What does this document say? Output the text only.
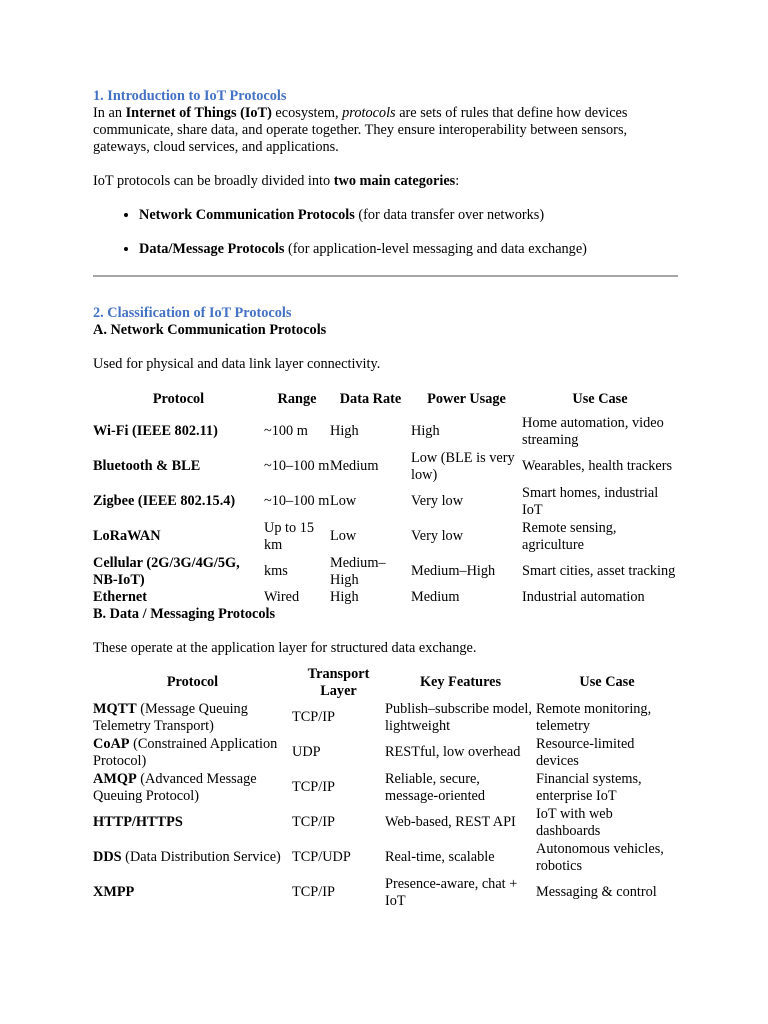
1. Introduction to IoT Protocols

In an Internet of Things (IoT) ecosystem, protocols are sets of rules that define how devices communicate, share data, and operate together. They ensure interoperability between sensors, gateways, cloud services, and applications.

IoT protocols can be broadly divided into two main categories:

• Network Communication Protocols (for data transfer over networks)
• Data/Message Protocols (for application-level messaging and data exchange)

2. Classification of IoT Protocols

A. Network Communication Protocols

Used for physical and data link layer connectivity.

Protocol	Range	Data Rate	Power Usage	Use Case
Wi-Fi (IEEE 802.11)	~100 m	High	High	Home automation, video streaming
Bluetooth & BLE	~10–100 m	Medium	Low (BLE is very low)	Wearables, health trackers
Zigbee (IEEE 802.15.4)	~10–100 m	Low	Very low	Smart homes, industrial IoT
LoRaWAN	Up to 15 km	Low	Very low	Remote sensing, agriculture
Cellular (2G/3G/4G/5G, NB-IoT)	kms	Medium–High	Medium–High	Smart cities, asset tracking
Ethernet	Wired	High	Medium	Industrial automation

B. Data / Messaging Protocols

These operate at the application layer for structured data exchange.

Protocol	Transport Layer	Key Features	Use Case
MQTT (Message Queuing Telemetry Transport)	TCP/IP	Publish–subscribe model, lightweight	Remote monitoring, telemetry
CoAP (Constrained Application Protocol)	UDP	RESTful, low overhead	Resource-limited devices
AMQP (Advanced Message Queuing Protocol)	TCP/IP	Reliable, secure, message-oriented	Financial systems, enterprise IoT
HTTP/HTTPS	TCP/IP	Web-based, REST API	IoT with web dashboards
DDS (Data Distribution Service)	TCP/UDP	Real-time, scalable	Autonomous vehicles, robotics
XMPP	TCP/IP	Presence-aware, chat + IoT	Messaging & control
